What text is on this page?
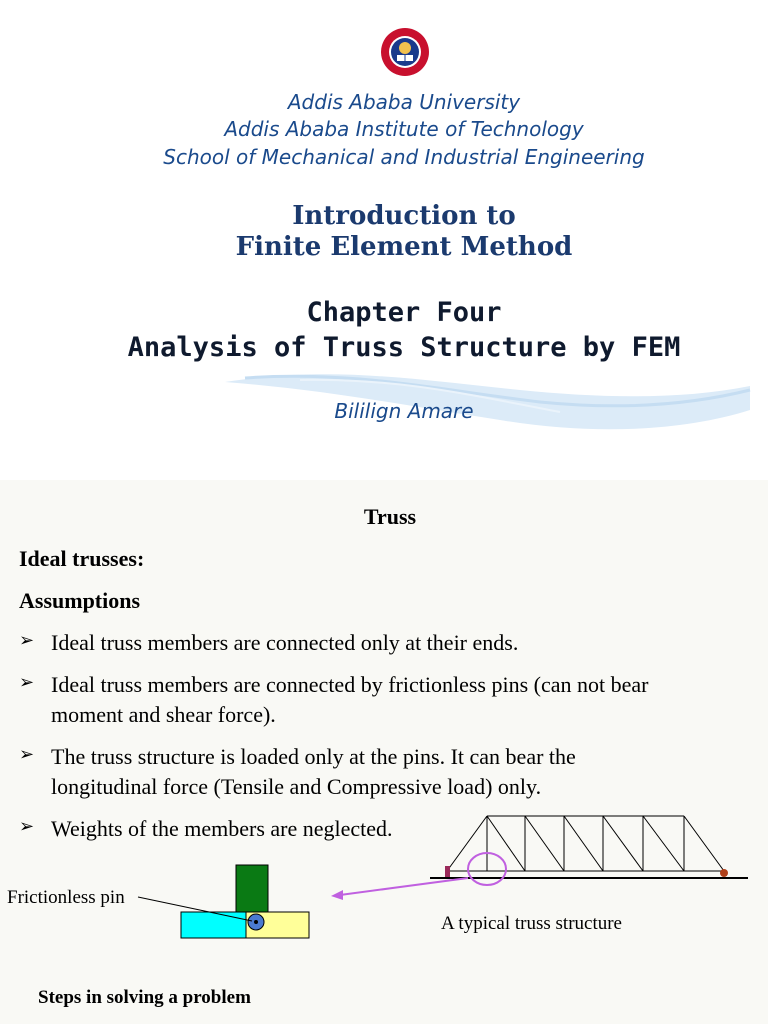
Addis Ababa University
Addis Ababa Institute of Technology
School of Mechanical and Industrial Engineering
Introduction to
Finite Element Method
Chapter Four
Analysis of Truss Structure by FEM
Bililign Amare
Truss
Ideal trusses:
Assumptions
➢ Ideal truss members are connected only at their ends.
➢ Ideal truss members are connected by frictionless pins (can not bear
moment and shear force).
➢ The truss structure is loaded only at the pins. It can bear the
longitudinal force (Tensile and Compressive load) only.
➢ Weights of the members are neglected.
Frictionless pin
A typical truss structure
Steps in solving a problem
